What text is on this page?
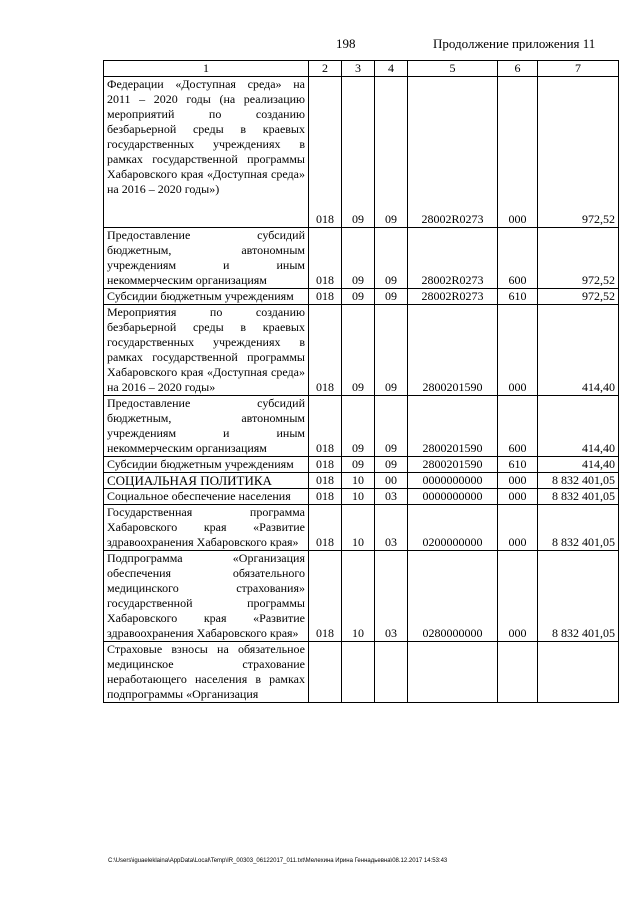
198	Продолжение приложения 11
1	2	3	4	5	6	7
Федерации «Доступная среда» на 2011 – 2020 годы (на реализацию мероприятий по созданию безбарьерной среды в краевых государственных учреждениях в рамках государственной программы Хабаровского края «Доступная среда» на 2016 – 2020 годы»)	018	09	09	28002R0273	000	972,52
Предоставление субсидий бюджетным, автономным учреждениям и иным некоммерческим организациям	018	09	09	28002R0273	600	972,52
Субсидии бюджетным учреждениям	018	09	09	28002R0273	610	972,52
Мероприятия по созданию безбарьерной среды в краевых государственных учреждениях в рамках государственной программы Хабаровского края «Доступная среда» на 2016 – 2020 годы»	018	09	09	2800201590	000	414,40
Предоставление субсидий бюджетным, автономным учреждениям и иным некоммерческим организациям	018	09	09	2800201590	600	414,40
Субсидии бюджетным учреждениям	018	09	09	2800201590	610	414,40
СОЦИАЛЬНАЯ ПОЛИТИКА	018	10	00	0000000000	000	8 832 401,05
Социальное обеспечение населения	018	10	03	0000000000	000	8 832 401,05
Государственная программа Хабаровского края «Развитие здравоохранения Хабаровского края»	018	10	03	0200000000	000	8 832 401,05
Подпрограмма «Организация обеспечения обязательного медицинского страхования» государственной программы Хабаровского края «Развитие здравоохранения Хабаровского края»	018	10	03	0280000000	000	8 832 401,05
Страховые взносы на обязательное медицинское страхование неработающего населения в рамках подпрограммы «Организация						
C:\Users\iguaeleklaina\AppData\Local\Temp\IR_00303_06122017_011.txt\Мелехина Ирина Геннадьевна\08.12.2017 14:53:43
